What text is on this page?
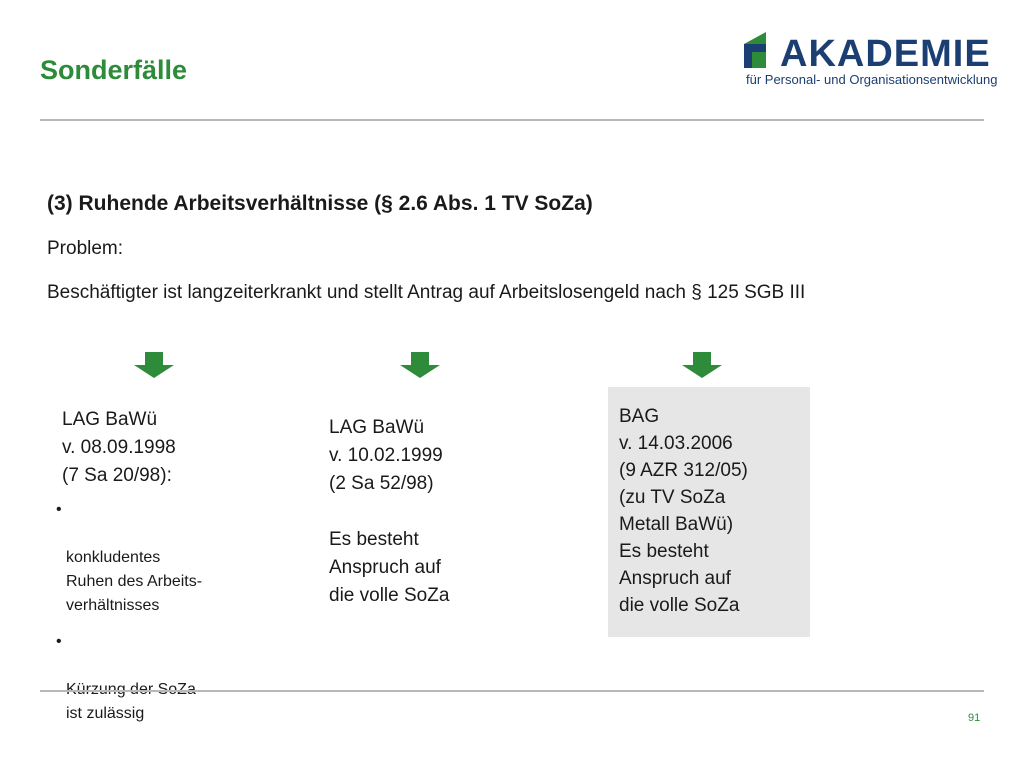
Sonderfälle	AKADEMIE
für Personal- und Organisationsentwicklung
(3) Ruhende Arbeitsverhältnisse (§ 2.6 Abs. 1 TV SoZa)
Problem:
Beschäftigter ist langzeiterkrankt und stellt Antrag auf Arbeitslosengeld nach § 125 SGB III
LAG BaWü
v. 08.09.1998
(7 Sa 20/98):

•

konkludentes
Ruhen des Arbeits-
verhältnisses

•

Kürzung der SoZa
ist zulässig

LAG BaWü
v. 10.02.1999
(2 Sa 52/98)

Es besteht
Anspruch auf
die volle SoZa
BAG
v. 14.03.2006
(9 AZR 312/05)
(zu TV SoZa
Metall BaWü)
Es besteht
Anspruch auf
die volle SoZa
91
